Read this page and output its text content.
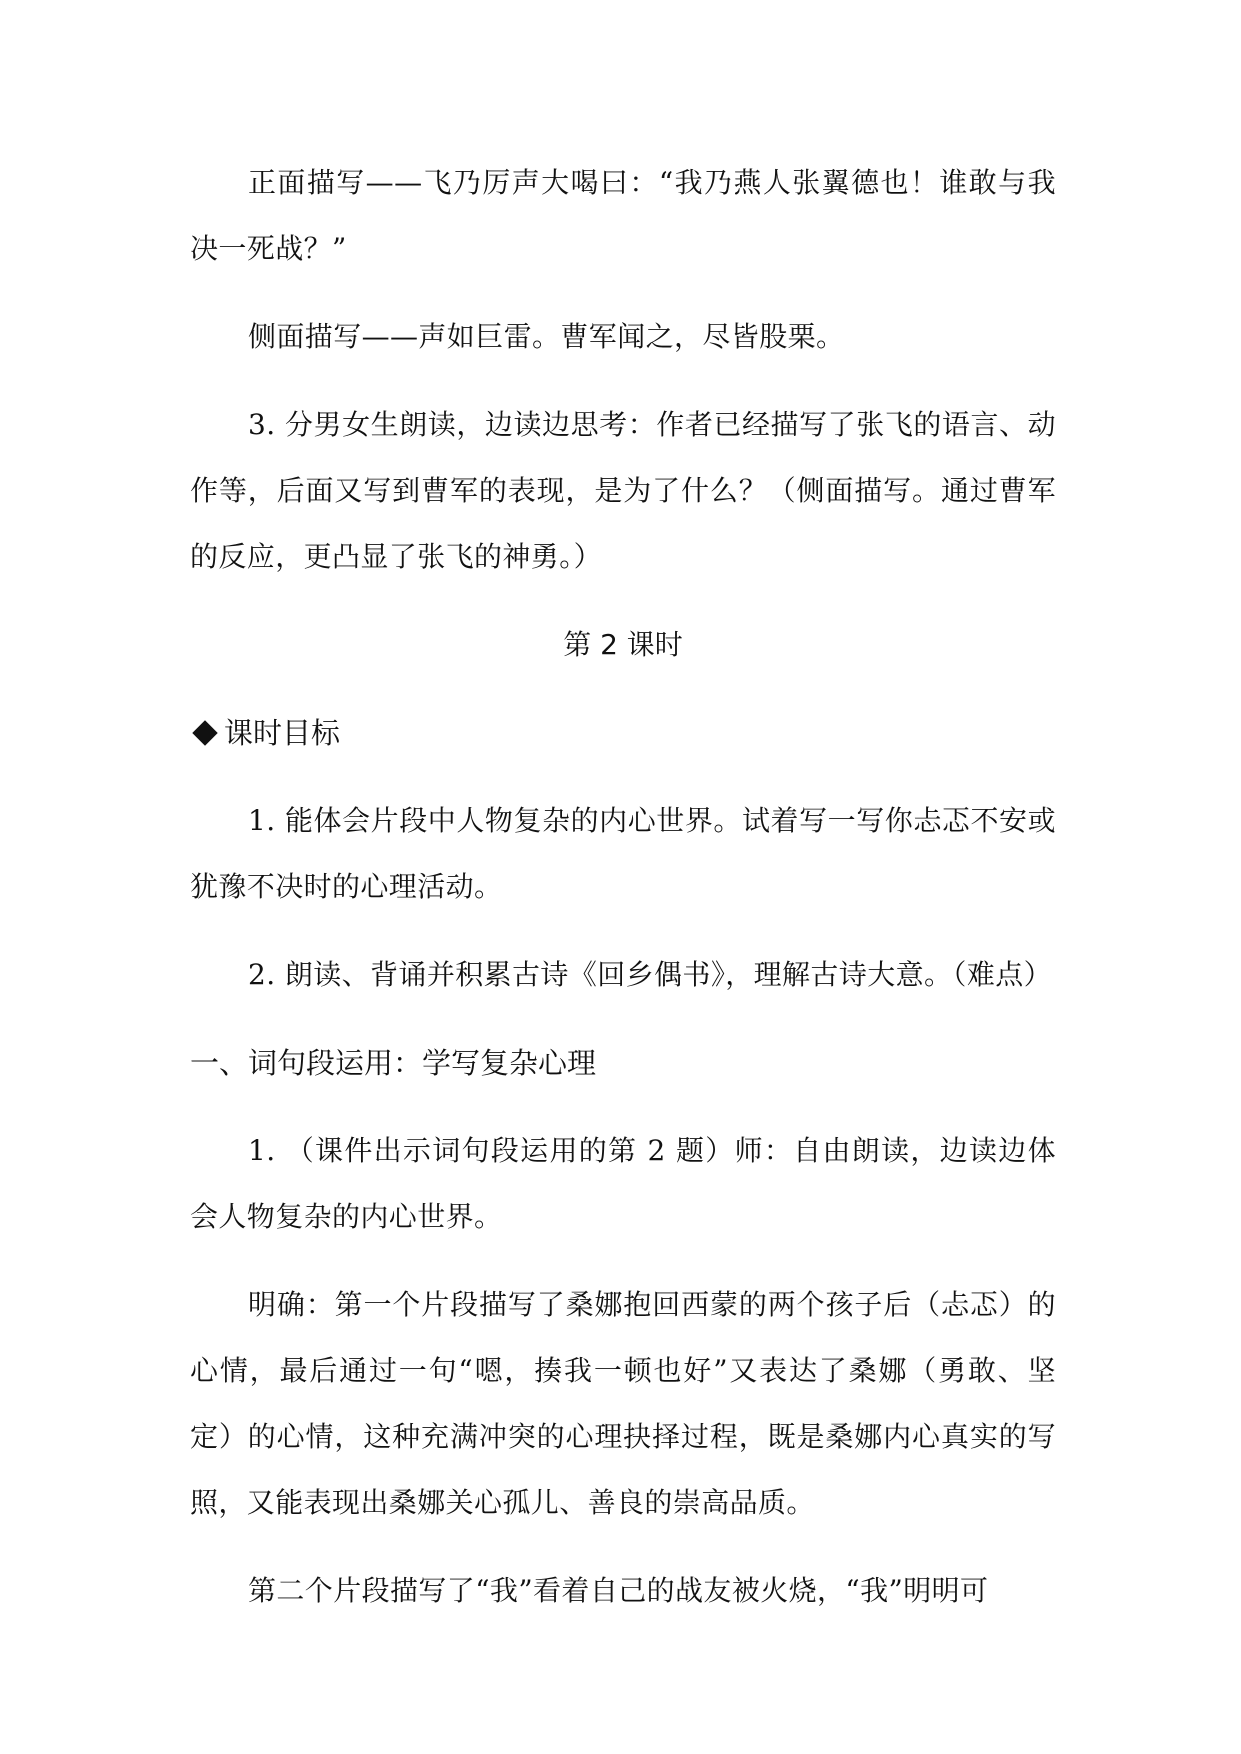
正面描写——飞乃厉声大喝曰：“我乃燕人张翼德也！谁敢与我决一死战？”

侧面描写——声如巨雷。曹军闻之，尽皆股栗。

3. 分男女生朗读，边读边思考：作者已经描写了张飞的语言、动作等，后面又写到曹军的表现，是为了什么？（侧面描写。通过曹军的反应，更凸显了张飞的神勇。）

第 2 课时
课时目标

1. 能体会片段中人物复杂的内心世界。试着写一写你忐忑不安或犹豫不决时的心理活动。

2. 朗读、背诵并积累古诗《回乡偶书》，理解古诗大意。（难点）

一、词句段运用：学写复杂心理

1. （课件出示词句段运用的第 2 题）师：自由朗读，边读边体会人物复杂的内心世界。

明确：第一个片段描写了桑娜抱回西蒙的两个孩子后（忐忑）的心情，最后通过一句“嗯，揍我一顿也好”又表达了桑娜（勇敢、坚定）的心情，这种充满冲突的心理抉择过程，既是桑娜内心真实的写照，又能表现出桑娜关心孤儿、善良的崇高品质。

第二个片段描写了“我”看着自己的战友被火烧，“我”明明可
